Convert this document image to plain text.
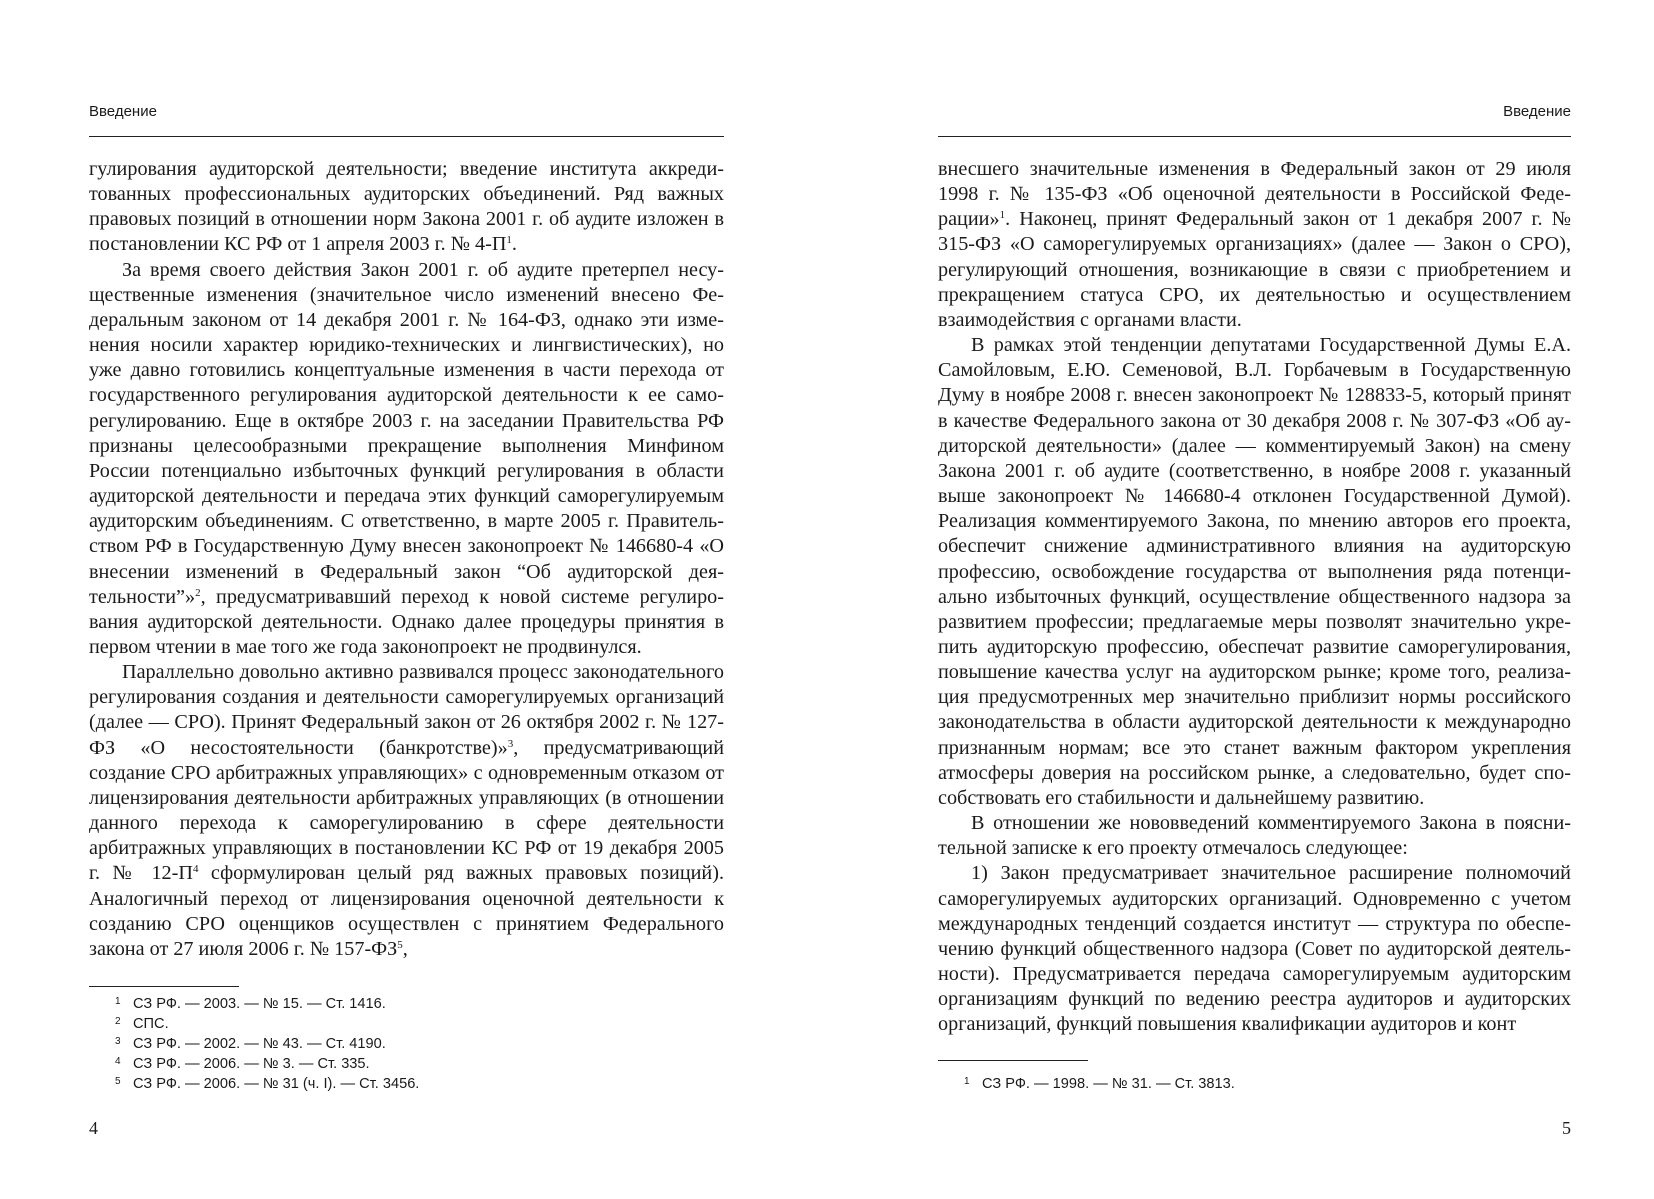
Введение

гулирования аудиторской деятельности; введение института аккредитованных профессиональных аудиторских объединений. Ряд важных правовых позиций в отношении норм Закона 2001 г. об аудите изложен в постановлении КС РФ от 1 апреля 2003 г. № $4-П^1$.

За время своего действия Закон 2001 г. об аудите претерпел несущественные изменения (значительное число изменений внесено Федеральным законом от 14 декабря 2001 г. № 164-ФЗ, однако эти изменения носили характер юридико-технических и лингвистических), но уже давно готовились концептуальные изменения в части перехода от государственного регулирования аудиторской деятельности к ее саморегулированию. Еще в октябре 2003 г. на заседании Правительства РФ признаны целесообразными прекращение выполнения Минфином России потенциально избыточных функций регулирования в области аудиторской деятельности и передача этих функций саморегулируемым аудиторским объединениям. С ответственно, в марте 2005 г. Правительством РФ в Государственную Думу внесен законопроект № 146680-4 «О внесении изменений в Федеральный закон “Об аудиторской деятельности”»$^2$, предусматривавший переход к новой системе регулирования аудиторской деятельности. Однако далее процедуры принятия в первом чтении в мае того же года законопроект не продвинулся.

Параллельно довольно активно развивался процесс законодательного регулирования создания и деятельности саморегулируемых организаций (далее — СРО). Принят Федеральный закон от 26 октября 2002 г. № 127-ФЗ «О несостоятельности (банкротстве)»$^3$, предусматривающий создание СРО арбитражных управляющих» с одновременным отказом от лицензирования деятельности арбитражных управляющих (в отношении данного перехода к саморегулированию в сфере деятельности арбитражных управляющих в постановлении КС РФ от 19 декабря 2005 г. № $12-П^4$ сформулирован целый ряд важных правовых позиций). Аналогичный переход от лицензирования оценочной деятельности к созданию СРО оценщиков осуществлен с принятием Федерального закона от 27 июля 2006 г. № $157-ФЗ^5$,

1 СЗ РФ. — 2003. — № 15. — Ст. 1416.
2 СПС.
3 СЗ РФ. — 2002. — № 43. — Ст. 4190.
4 СЗ РФ. — 2006. — № 3. — Ст. 335.
5 СЗ РФ. — 2006. — № 31 (ч. I). — Ст. 3456.
4
Введение

внесшего значительные изменения в Федеральный закон от 29 июля 1998 г. № 135-ФЗ «Об оценочной деятельности в Российской Федерации»$^1$. Наконец, принят Федеральный закон от 1 декабря 2007 г. № 315-ФЗ «О саморегулируемых организациях» (далее — Закон о СРО), регулирующий отношения, возникающие в связи с приобретением и прекращением статуса СРО, их деятельностью и осуществлением взаимодействия с органами власти.

В рамках этой тенденции депутатами Государственной Думы Е.А. Самойловым, Е.Ю. Семеновой, В.Л. Горбачевым в Государственную Думу в ноябре 2008 г. внесен законопроект № 128833-5, который принят в качестве Федерального закона от 30 декабря 2008 г. № 307-ФЗ «Об аудиторской деятельности» (далее — комментируемый Закон) на смену Закона 2001 г. об аудите (соответственно, в ноябре 2008 г. указанный выше законопроект № 146680-4 отклонен Государственной Думой). Реализация комментируемого Закона, по мнению авторов его проекта, обеспечит снижение административного влияния на аудиторскую профессию, освобождение государства от выполнения ряда потенциально избыточных функций, осуществление общественного надзора за развитием профессии; предлагаемые меры позволят значительно укрепить аудиторскую профессию, обеспечат развитие саморегулирования, повышение качества услуг на аудиторском рынке; кроме того, реализация предусмотренных мер значительно приблизит нормы российского законодательства в области аудиторской деятельности к международно признанным нормам; все это станет важным фактором укрепления атмосферы доверия на российском рынке, а следовательно, будет способствовать его стабильности и дальнейшему развитию.

В отношении же нововведений комментируемого Закона в пояснительной записке к его проекту отмечалось следующее:

1) Закон предусматривает значительное расширение полномочий саморегулируемых аудиторских организаций. Одновременно с учетом международных тенденций создается институт — структура по обеспечению функций общественного надзора (Совет по аудиторской деятельности). Предусматривается передача саморегулируемым аудиторским организациям функций по ведению реестра аудиторов и аудиторских организаций, функций повышения квалификации аудиторов и конт

1 СЗ РФ. — 1998. — № 31. — Ст. 3813.
5
